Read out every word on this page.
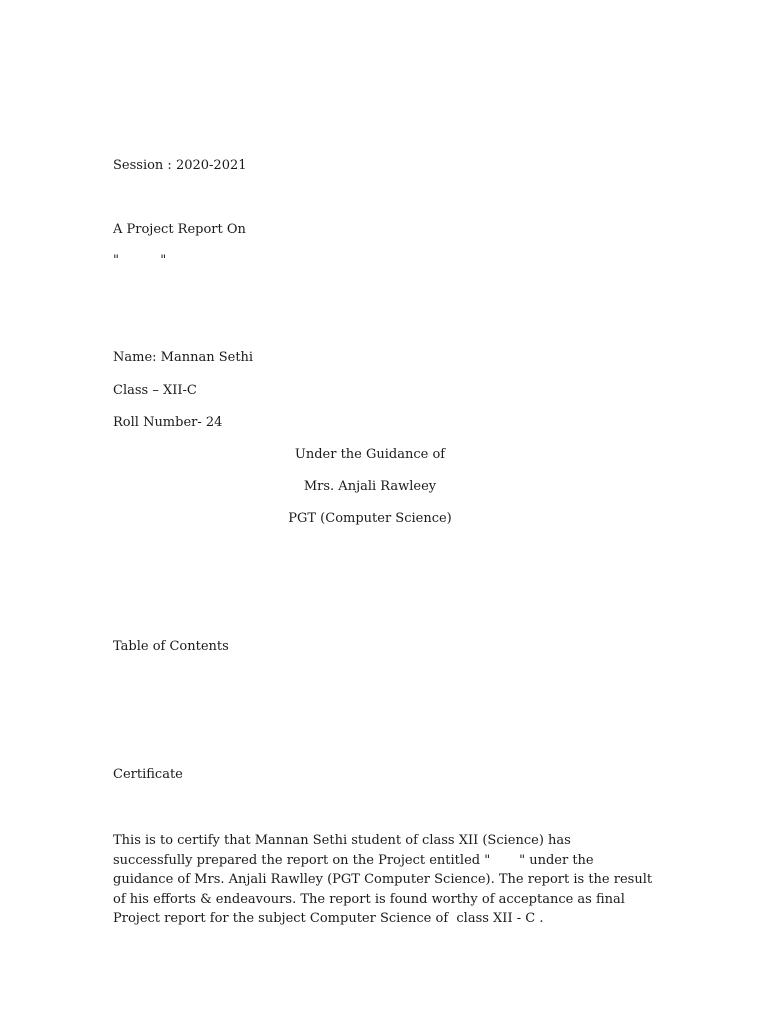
Session : 2020-2021
A Project Report On
"          "
Name: Mannan Sethi
Class – XII-C
Roll Number- 24
Under the Guidance of
Mrs. Anjali Rawleey
PGT (Computer Science)
Table of Contents
Certificate
This is to certify that Mannan Sethi student of class XII (Science) has successfully prepared the report on the Project entitled "       " under the guidance of Mrs. Anjali Rawlley (PGT Computer Science). The report is the result of his efforts & endeavours. The report is found worthy of acceptance as final Project report for the subject Computer Science of  class XII - C .
